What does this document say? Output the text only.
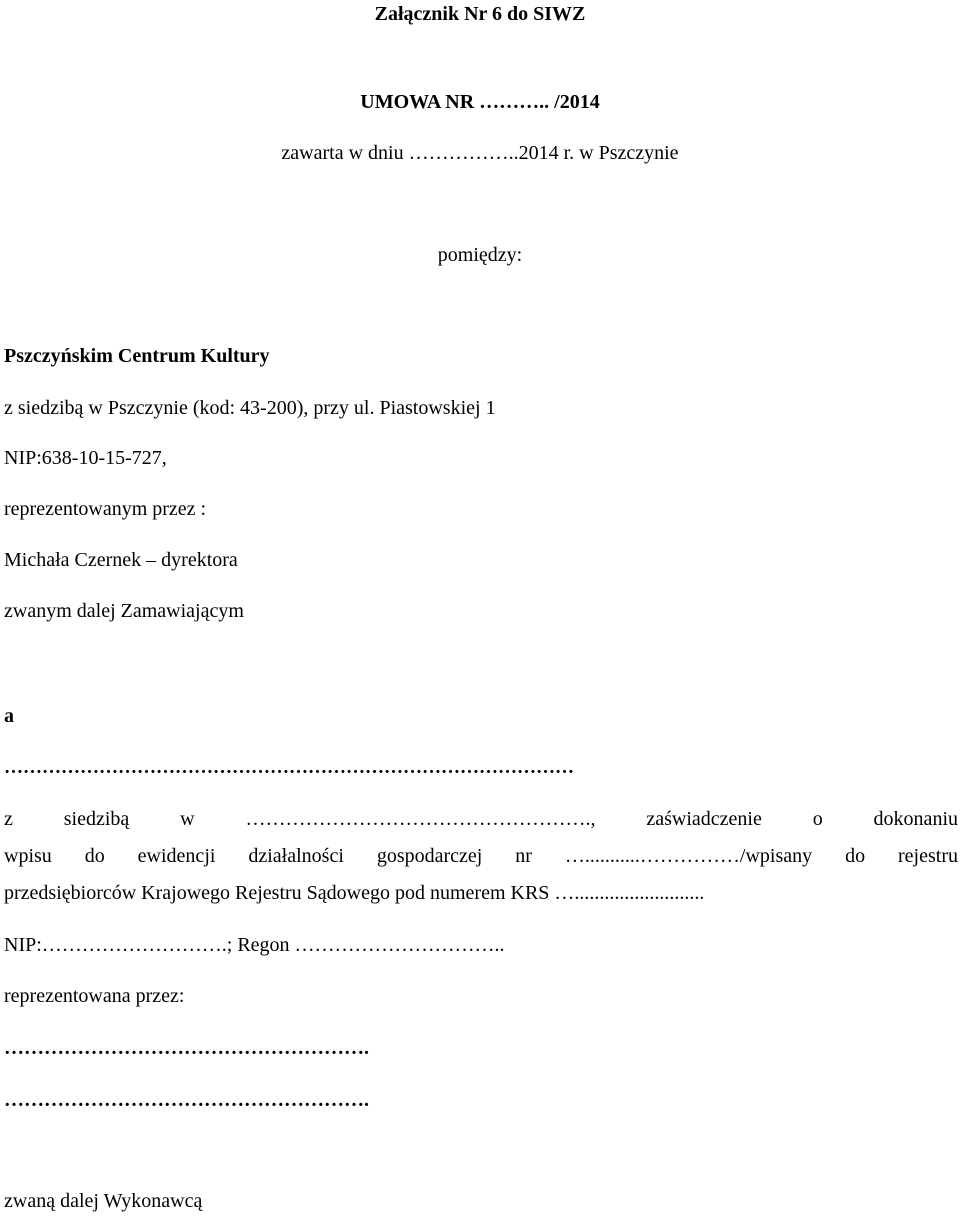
Załącznik Nr 6 do SIWZ
UMOWA NR ……….. /2014
zawarta w dniu ……………..2014 r. w Pszczynie
pomiędzy:
Pszczyńskim Centrum Kultury
z siedzibą w Pszczynie (kod: 43-200), przy ul. Piastowskiej 1
NIP:638-10-15-727,
reprezentowanym przez :
Michała Czernek – dyrektora
zwanym dalej Zamawiającym
a
………………………………………………………………………………
z siedzibą w ……………………………………………., zaświadczenie o dokonaniu
wpisu do ewidencji działalności gospodarczej nr …...........……………/wpisany do rejestru
przedsiębiorców Krajowego Rejestru Sądowego pod numerem KRS …..........................
NIP:……………………….; Regon …………………………..
reprezentowana przez:
……………………………………………….
……………………………………………….
zwaną dalej Wykonawcą
